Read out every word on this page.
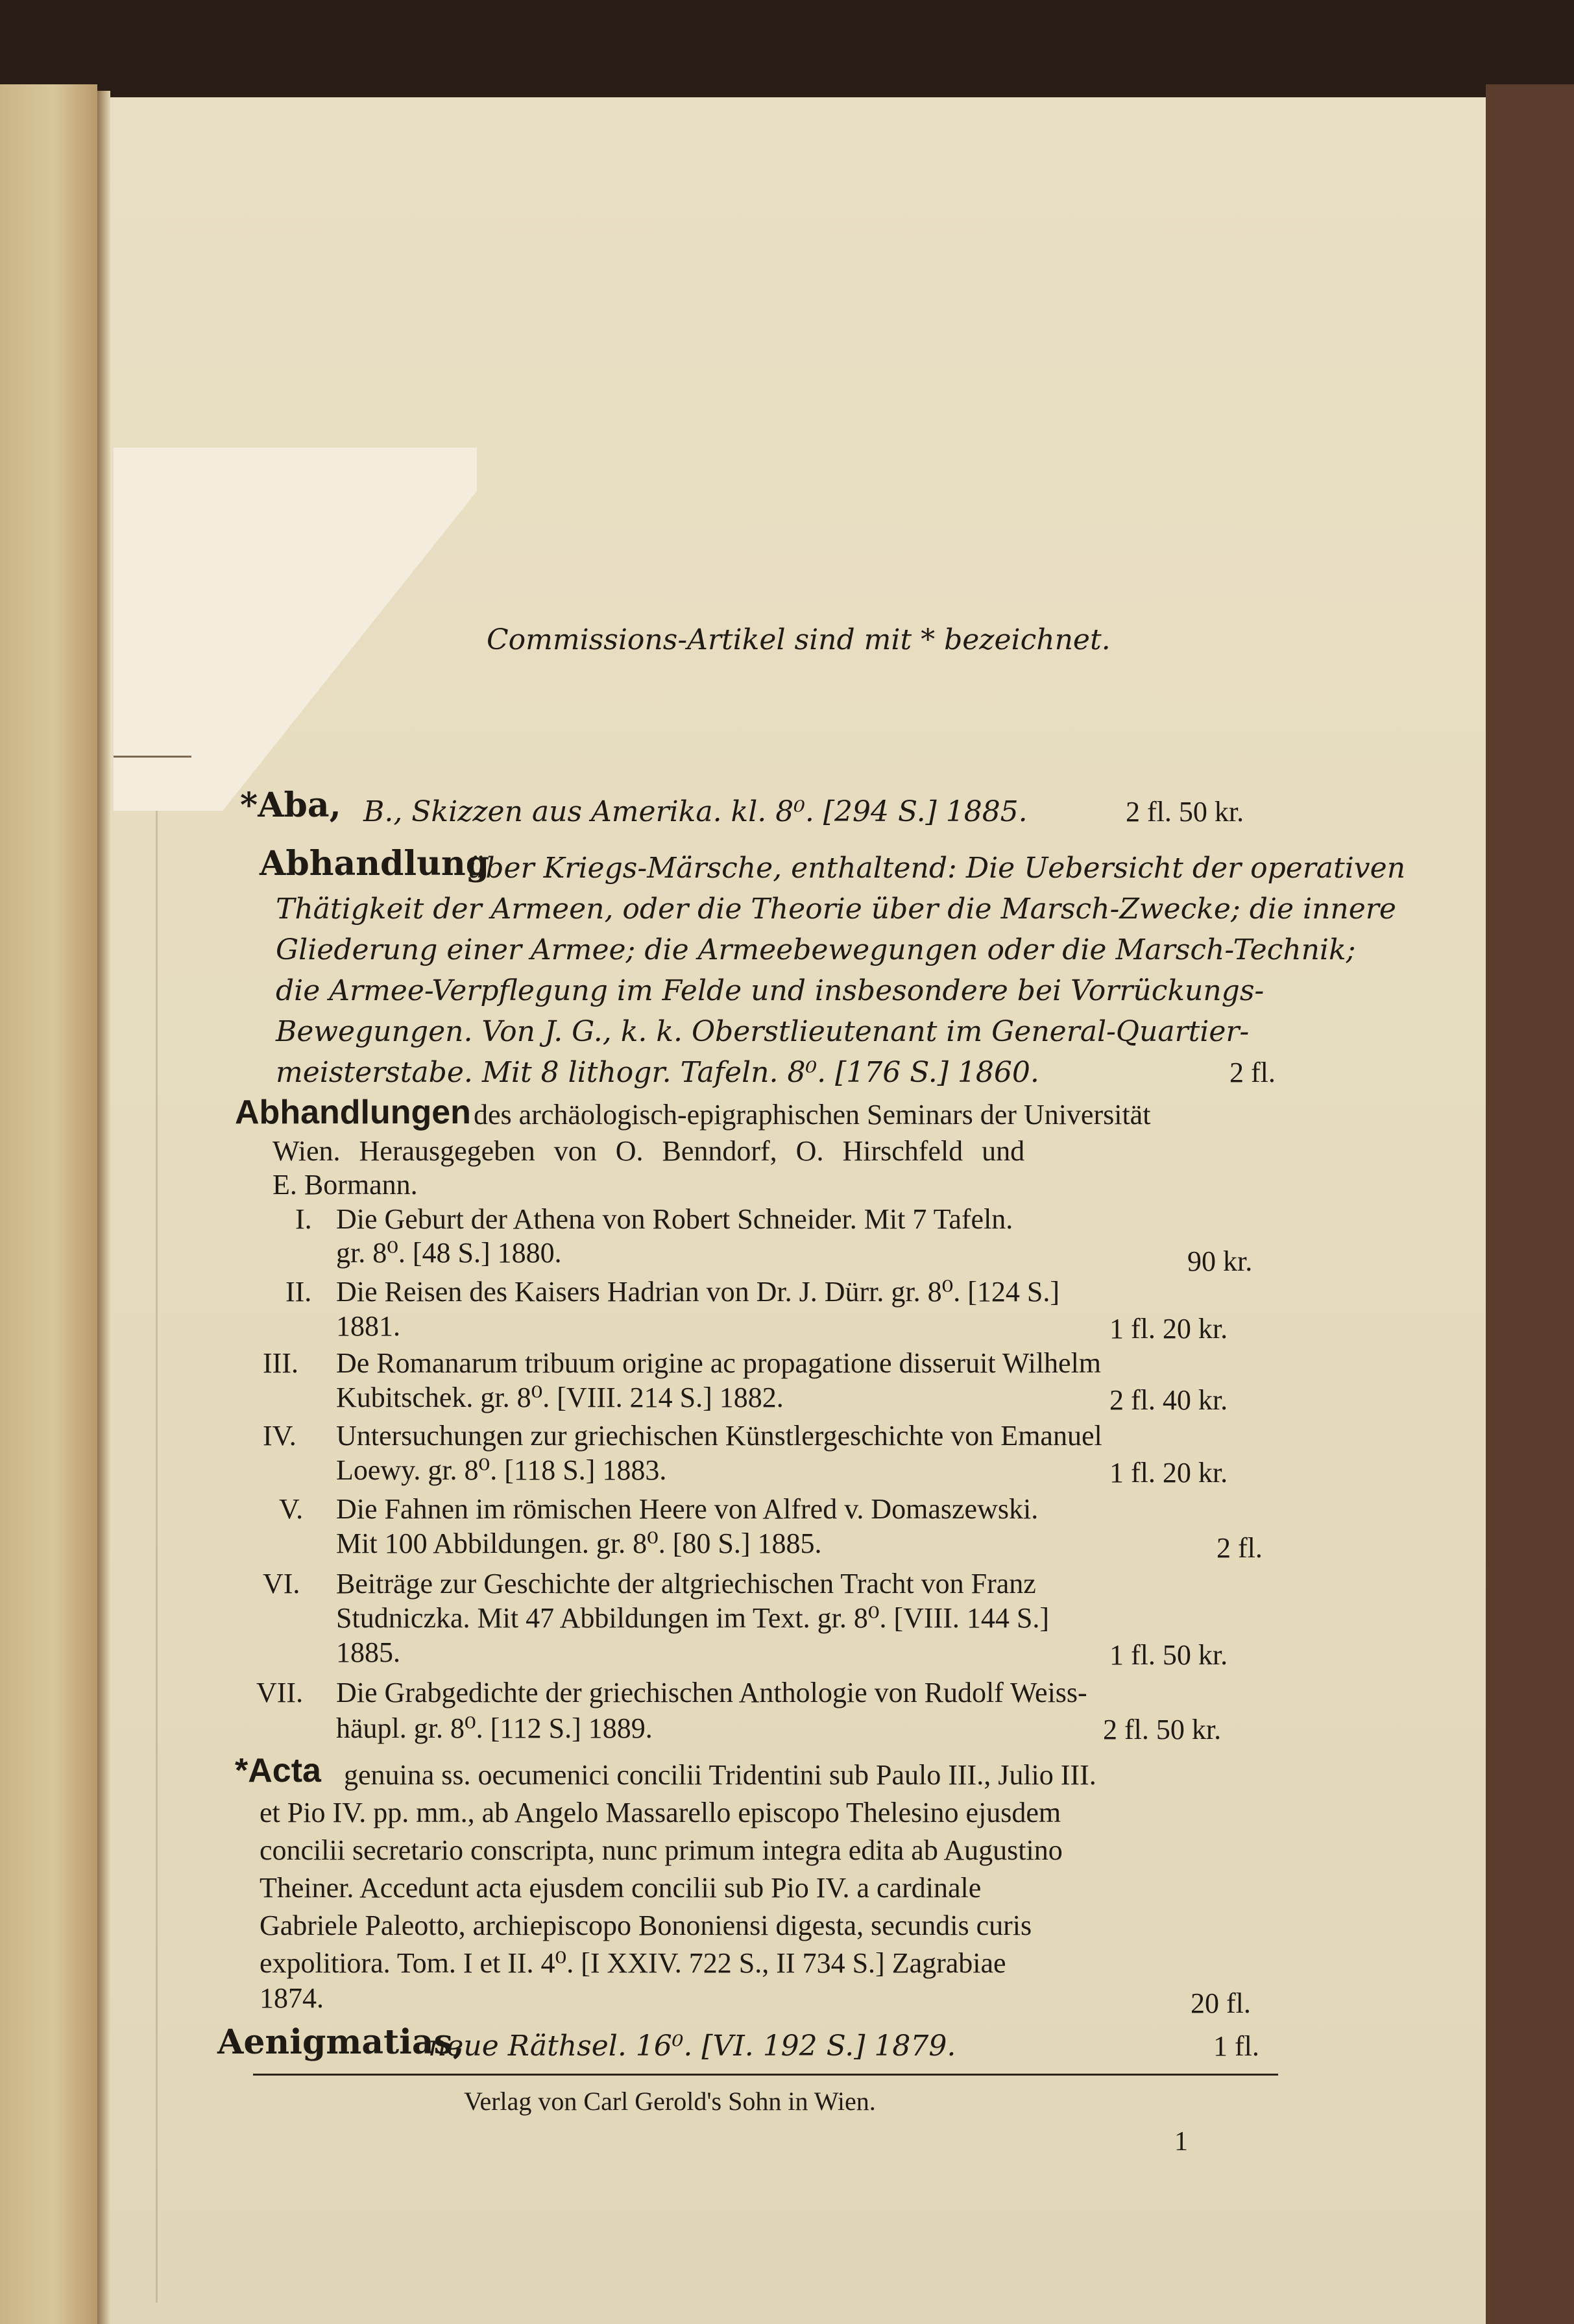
Commissions-Artikel sind mit * bezeichnet.
*Aba, B., Skizzen aus Amerika. kl. 8⁰. [294 S.] 1885.	2 fl. 50 kr.
Abhandlung
über Kriegs-Märsche, enthaltend: Die Uebersicht der operativen
Thätigkeit der Armeen, oder die Theorie über die Marsch-Zwecke; die innere
Gliederung einer Armee; die Armeebewegungen oder die Marsch-Technik;
die Armee-Verpflegung im Felde und insbesondere bei Vorrückungs-
Bewegungen. Von J. G., k. k. Oberstlieutenant im General-Quartier-
meisterstabe. Mit 8 lithogr. Tafeln. 8⁰. [176 S.] 1860.	2 fl.
Abhandlungen des archäologisch-epigraphischen Seminars der Universität
Wien. Herausgegeben von O. Benndorf, O. Hirschfeld und
E. Bormann.
I. Die Geburt der Athena von Robert Schneider. Mit 7 Tafeln.
gr. 8⁰. [48 S.] 1880.	90 kr.
II. Die Reisen des Kaisers Hadrian von Dr. J. Dürr. gr. 8⁰. [124 S.]
1881.	1 fl. 20 kr.
III. De Romanarum tribuum origine ac propagatione disseruit Wilhelm
Kubitschek. gr. 8⁰. [VIII. 214 S.] 1882.	2 fl. 40 kr.
IV. Untersuchungen zur griechischen Künstlergeschichte von Emanuel
Loewy. gr. 8⁰. [118 S.] 1883.	1 fl. 20 kr.
V. Die Fahnen im römischen Heere von Alfred v. Domaszewski.
Mit 100 Abbildungen. gr. 8⁰. [80 S.] 1885.	2 fl.
VI. Beiträge zur Geschichte der altgriechischen Tracht von Franz
Studniczka. Mit 47 Abbildungen im Text. gr. 8⁰. [VIII. 144 S.]
1885.	1 fl. 50 kr.
VII. Die Grabgedichte der griechischen Anthologie von Rudolf Weiss-
häupl. gr. 8⁰. [112 S.] 1889.	2 fl. 50 kr.
*Acta genuina ss. oecumenici concilii Tridentini sub Paulo III., Julio III.
et Pio IV. pp. mm., ab Angelo Massarello episcopo Thelesino ejusdem
concilii secretario conscripta, nunc primum integra edita ab Augustino
Theiner. Accedunt acta ejusdem concilii sub Pio IV. a cardinale
Gabriele Paleotto, archiepiscopo Bononiensi digesta, secundis curis
expolitiora. Tom. I et II. 4⁰. [I XXIV. 722 S., II 734 S.] Zagrabiae
1874.	20 fl.
Aenigmatias,
neue Räthsel. 16⁰. [VI. 192 S.] 1879.	1 fl.
Verlag von Carl Gerold's Sohn in Wien.
1
